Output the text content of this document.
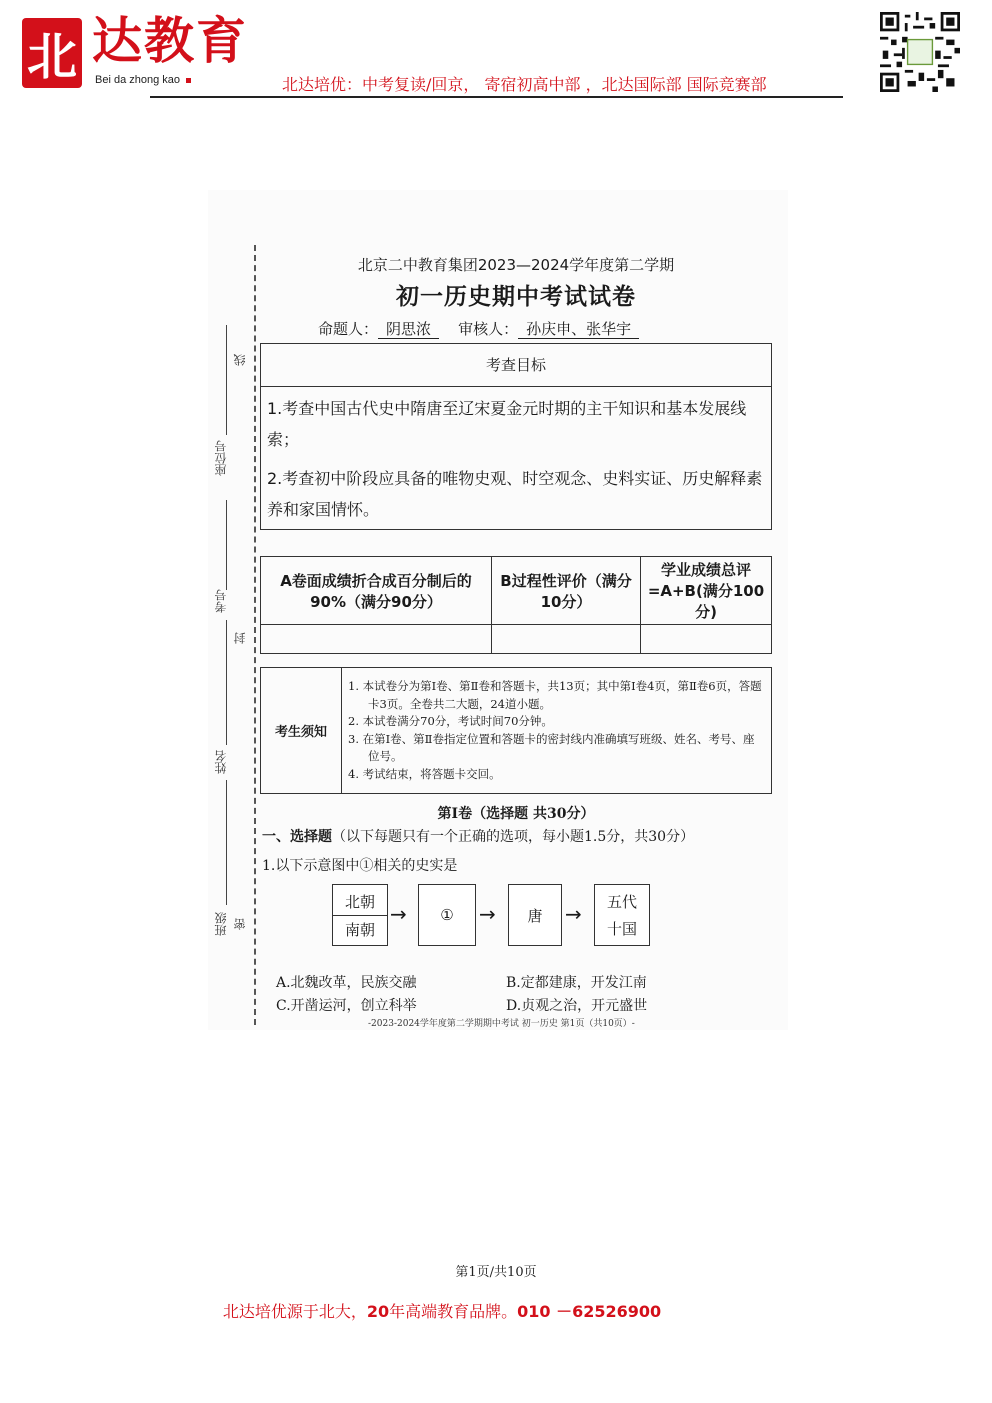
北 达教育
Bei da zhong kao	北达培优：中考复读/回京， 寄宿初高中部 ，北达国际部 国际竞赛部
线
座位号
考号
封
姓名
班级 密
北京二中教育集团2023—2024学年度第二学期
初一历史期中考试试卷
命题人： 阴思浓 审核人： 孙庆申、张华宇
考查目标
1.考查中国古代史中隋唐至辽宋夏金元时期的主干知识和基本发展线索；
2.考查初中阶段应具备的唯物史观、时空观念、史料实证、历史解释素养和家国情怀。
A卷面成绩折合成百分制后的90%（满分90分）	B过程性评价（满分10分）	学业成绩总评=A+B(满分100分)

考生须知
1. 本试卷分为第Ⅰ卷、第Ⅱ卷和答题卡，共13页；其中第Ⅰ卷4页，第Ⅱ卷6页，答题卡3页。全卷共二大题，24道小题。
2. 本试卷满分70分，考试时间70分钟。
3. 在第Ⅰ卷、第Ⅱ卷指定位置和答题卡的密封线内准确填写班级、姓名、考号、座位号。
4. 考试结束，将答题卡交回。
第Ⅰ卷（选择题 共30分）
一、选择题（以下每题只有一个正确的选项，每小题1.5分，共30分）
1.以下示意图中①相关的史实是
北朝
南朝
→	①	→	唐	→	五代
十国
A.北魏改革，民族交融	B.定都建康，开发江南
C.开凿运河，创立科举	D.贞观之治，开元盛世
-2023-2024学年度第二学期期中考试 初一历史 第1页（共10页）-
第1页/共10页
北达培优源于北大，20年高端教育品牌。010 －62526900
